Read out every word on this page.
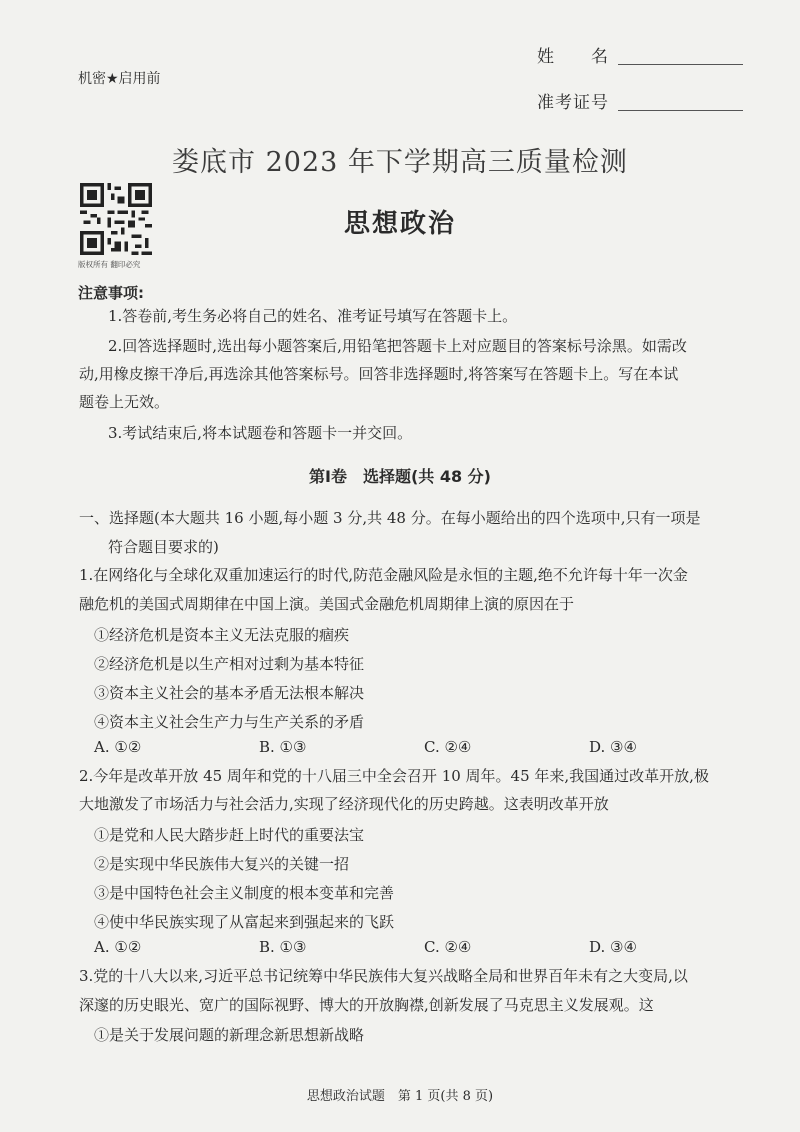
机密★启用前
姓　　名
准考证号
娄底市 2023 年下学期高三质量检测
版权所有 翻印必究
思想政治
注意事项:
1.答卷前,考生务必将自己的姓名、准考证号填写在答题卡上。
2.回答选择题时,选出每小题答案后,用铅笔把答题卡上对应题目的答案标号涂黑。如需改
动,用橡皮擦干净后,再选涂其他答案标号。回答非选择题时,将答案写在答题卡上。写在本试
题卷上无效。
3.考试结束后,将本试题卷和答题卡一并交回。
第Ⅰ卷　选择题(共 48 分)
一、选择题(本大题共 16 小题,每小题 3 分,共 48 分。在每小题给出的四个选项中,只有一项是
符合题目要求的)
1.在网络化与全球化双重加速运行的时代,防范金融风险是永恒的主题,绝不允许每十年一次金
融危机的美国式周期律在中国上演。美国式金融危机周期律上演的原因在于
①经济危机是资本主义无法克服的痼疾
②经济危机是以生产相对过剩为基本特征
③资本主义社会的基本矛盾无法根本解决
④资本主义社会生产力与生产关系的矛盾
A. ①②	B. ①③	C. ②④	D. ③④
2.今年是改革开放 45 周年和党的十八届三中全会召开 10 周年。45 年来,我国通过改革开放,极
大地激发了市场活力与社会活力,实现了经济现代化的历史跨越。这表明改革开放
①是党和人民大踏步赶上时代的重要法宝
②是实现中华民族伟大复兴的关键一招
③是中国特色社会主义制度的根本变革和完善
④使中华民族实现了从富起来到强起来的飞跃
A. ①②	B. ①③	C. ②④	D. ③④
3.党的十八大以来,习近平总书记统筹中华民族伟大复兴战略全局和世界百年未有之大变局,以
深邃的历史眼光、宽广的国际视野、博大的开放胸襟,创新发展了马克思主义发展观。这
①是关于发展问题的新理念新思想新战略
思想政治试题　第 1 页(共 8 页)
